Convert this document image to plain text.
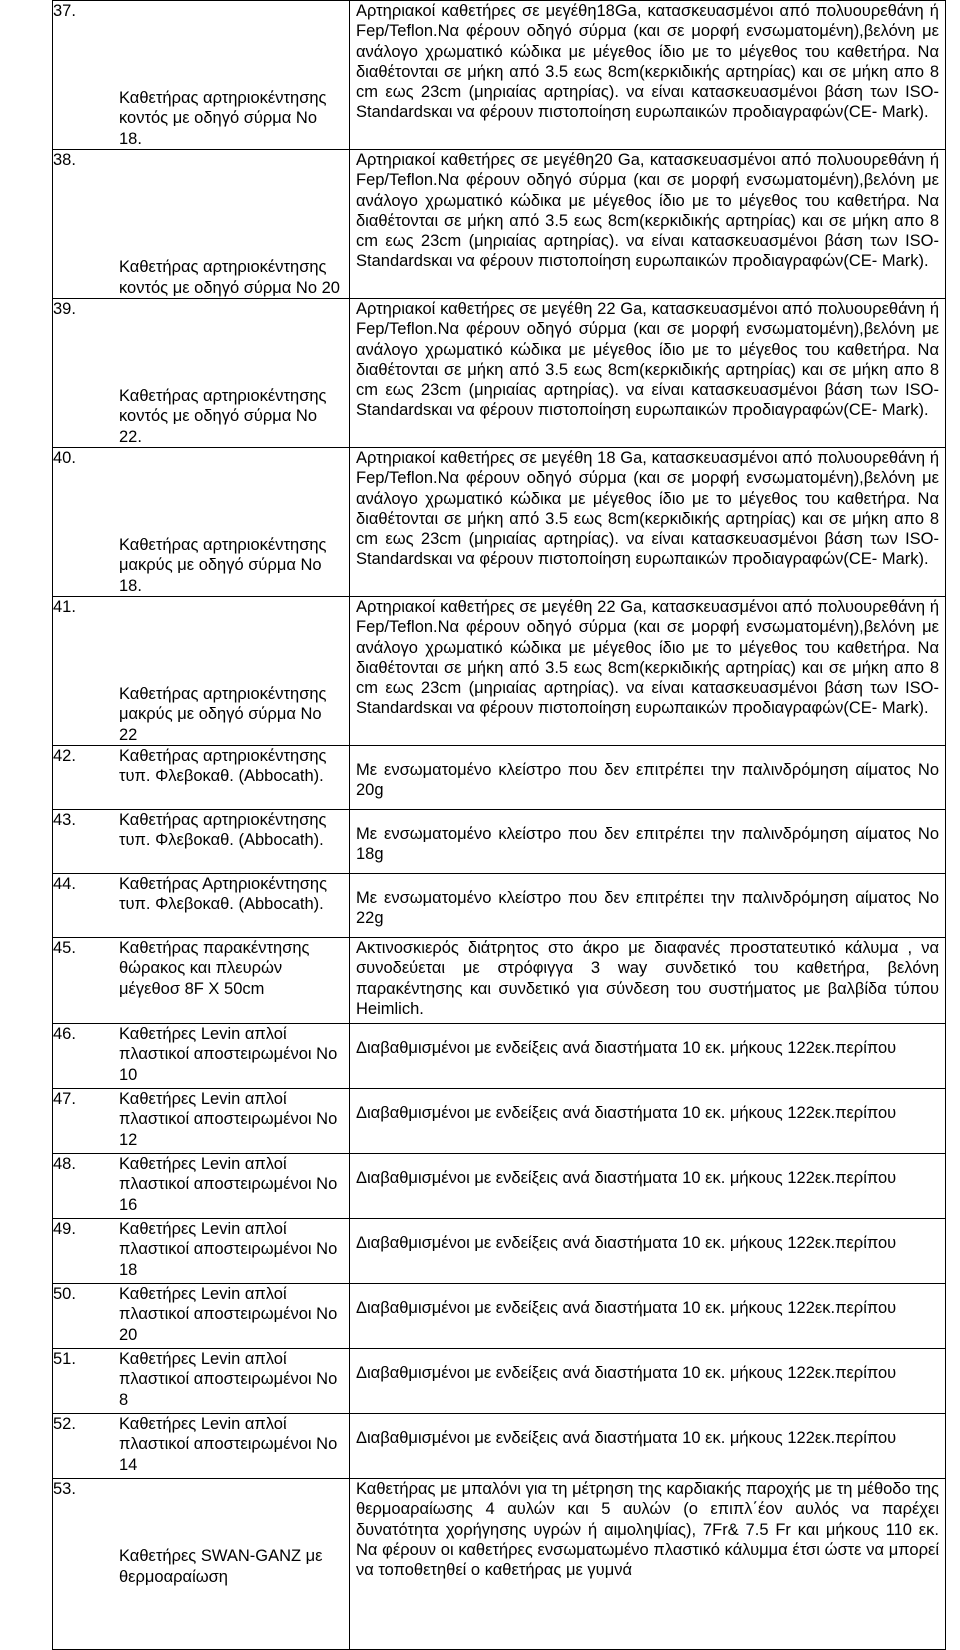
37.
Καθετήρας αρτηριοκέντησης κοντός με οδηγό σύρμα Νο 18.	Αρτηριακοί καθετήρες σε μεγέθη18Ga, κατασκευασμένοι από πολυουρεθάνη ή Fep/Teflon.Να φέρουν οδηγό σύρμα (και σε μορφή ενσωματομένη),βελόνη με ανάλογο χρωματικό κώδικα με μέγεθος ίδιο με το μέγεθος του καθετήρα. Να διαθέτονται σε μήκη από 3.5 εως 8cm(κερκιδικής αρτηρίας) και σε μήκη απο 8 cm εως 23cm (μηριαίας αρτηρίας). να είναι κατασκευασμένοι βάση των ISO- Standardsκαι να φέρουν πιστοποίηση ευρωπαικών προδιαγραφών(CE- Mark).

38.
Καθετήρας αρτηριοκέντησης κοντός με οδηγό σύρμα Νο 20	Αρτηριακοί καθετήρες σε μεγέθη20 Ga, κατασκευασμένοι από πολυουρεθάνη ή Fep/Teflon.Να φέρουν οδηγό σύρμα (και σε μορφή ενσωματομένη),βελόνη με ανάλογο χρωματικό κώδικα με μέγεθος ίδιο με το μέγεθος του καθετήρα. Να διαθέτονται σε μήκη από 3.5 εως 8cm(κερκιδικής αρτηρίας) και σε μήκη απο 8 cm εως 23cm (μηριαίας αρτηρίας). να είναι κατασκευασμένοι βάση των ISO- Standardsκαι να φέρουν πιστοποίηση ευρωπαικών προδιαγραφών(CE- Mark).

39.
Καθετήρας αρτηριοκέντησης κοντός με οδηγό σύρμα Νο 22.	Αρτηριακοί καθετήρες σε μεγέθη 22 Ga, κατασκευασμένοι από πολυουρεθάνη ή Fep/Teflon.Να φέρουν οδηγό σύρμα (και σε μορφή ενσωματομένη),βελόνη με ανάλογο χρωματικό κώδικα με μέγεθος ίδιο με το μέγεθος του καθετήρα. Να διαθέτονται σε μήκη από 3.5 εως 8cm(κερκιδικής αρτηρίας) και σε μήκη απο 8 cm εως 23cm (μηριαίας αρτηρίας). να είναι κατασκευασμένοι βάση των ISO- Standardsκαι να φέρουν πιστοποίηση ευρωπαικών προδιαγραφών(CE- Mark).

40.
Καθετήρας αρτηριοκέντησης μακρύς με οδηγό σύρμα Νο 18.	Αρτηριακοί καθετήρες σε μεγέθη 18 Ga, κατασκευασμένοι από πολυουρεθάνη ή Fep/Teflon.Να φέρουν οδηγό σύρμα (και σε μορφή ενσωματομένη),βελόνη με ανάλογο χρωματικό κώδικα με μέγεθος ίδιο με το μέγεθος του καθετήρα. Να διαθέτονται σε μήκη από 3.5 εως 8cm(κερκιδικής αρτηρίας) και σε μήκη απο 8 cm εως 23cm (μηριαίας αρτηρίας). να είναι κατασκευασμένοι βάση των ISO- Standardsκαι να φέρουν πιστοποίηση ευρωπαικών προδιαγραφών(CE- Mark).

41.
Καθετήρας αρτηριοκέντησης μακρύς με οδηγό σύρμα Νο 22	Αρτηριακοί καθετήρες σε μεγέθη 22 Ga, κατασκευασμένοι από πολυουρεθάνη ή Fep/Teflon.Να φέρουν οδηγό σύρμα (και σε μορφή ενσωματομένη),βελόνη με ανάλογο χρωματικό κώδικα με μέγεθος ίδιο με το μέγεθος του καθετήρα. Να διαθέτονται σε μήκη από 3.5 εως 8cm(κερκιδικής αρτηρίας) και σε μήκη απο 8 cm εως 23cm (μηριαίας αρτηρίας). να είναι κατασκευασμένοι βάση των ISO- Standardsκαι να φέρουν πιστοποίηση ευρωπαικών προδιαγραφών(CE- Mark).

42. Καθετήρας αρτηριοκέντησης τυπ. Φλεβοκαθ. (Abbocath).	Με ενσωματομένο κλείστρο που δεν επιτρέπει την παλινδρόμηση αίματος Νο 20g

43. Καθετήρας αρτηριοκέντησης τυπ. Φλεβοκαθ. (Abbocath).	Με ενσωματομένο κλείστρο που δεν επιτρέπει την παλινδρόμηση αίματος Νο 18g

44. Καθετήρας Αρτηριοκέντησης τυπ. Φλεβοκαθ. (Abbocath).	Με ενσωματομένο κλείστρο που δεν επιτρέπει την παλινδρόμηση αίματος Νο 22g

45. Καθετήρας παρακέντησης θώρακος και πλευρών μέγεθοσ 8F X 50cm	Ακτινοσκιερός διάτρητος στο άκρο με διαφανές προστατευτικό κάλυμα , να συνοδεύεται με στρόφιγγα 3 way συνδετικό του καθετήρα, βελόνη παρακέντησης και συνδετικό για σύνδεση του συστήματος με βαλβίδα τύπου Heimlich.

46. Καθετήρες Levin απλοί πλαστικοί αποστειρωμένοι Νο 10	Διαβαθμισμένοι με ενδείξεις ανά διαστήματα 10 εκ. μήκους 122εκ.περίπου

47. Καθετήρες Levin απλοί πλαστικοί αποστειρωμένοι Νο 12	Διαβαθμισμένοι με ενδείξεις ανά διαστήματα 10 εκ. μήκους 122εκ.περίπου

48. Καθετήρες Levin απλοί πλαστικοί αποστειρωμένοι Νο 16	Διαβαθμισμένοι με ενδείξεις ανά διαστήματα 10 εκ. μήκους 122εκ.περίπου

49. Καθετήρες Levin απλοί πλαστικοί αποστειρωμένοι Νο 18	Διαβαθμισμένοι με ενδείξεις ανά διαστήματα 10 εκ. μήκους 122εκ.περίπου

50. Καθετήρες Levin απλοί πλαστικοί αποστειρωμένοι Νο 20	Διαβαθμισμένοι με ενδείξεις ανά διαστήματα 10 εκ. μήκους 122εκ.περίπου

51. Καθετήρες Levin απλοί πλαστικοί αποστειρωμένοι Νο 8	Διαβαθμισμένοι με ενδείξεις ανά διαστήματα 10 εκ. μήκους 122εκ.περίπου

52. Καθετήρες Levin απλοί πλαστικοί αποστειρωμένοι Νο 14	Διαβαθμισμένοι με ενδείξεις ανά διαστήματα 10 εκ. μήκους 122εκ.περίπου

53.
Καθετήρες SWAN-GANZ με θερμοαραίωση	Καθετήρας με μπαλόνι για τη μέτρηση της καρδιακής παροχής με τη μέθοδο της θερμοαραίωσης 4 αυλών και 5 αυλών (ο επιπλ΄έον αυλός να παρέχει δυνατότητα χορήγησης υγρών ή αιμοληψίας), 7Fr& 7.5 Fr και μήκους 110 εκ. Να φέρουν οι καθετήρες ενσωματωμένο πλαστικό κάλυμμα έτσι ώστε να μπορεί να τοποθετηθεί ο καθετήρας με γυμνά
